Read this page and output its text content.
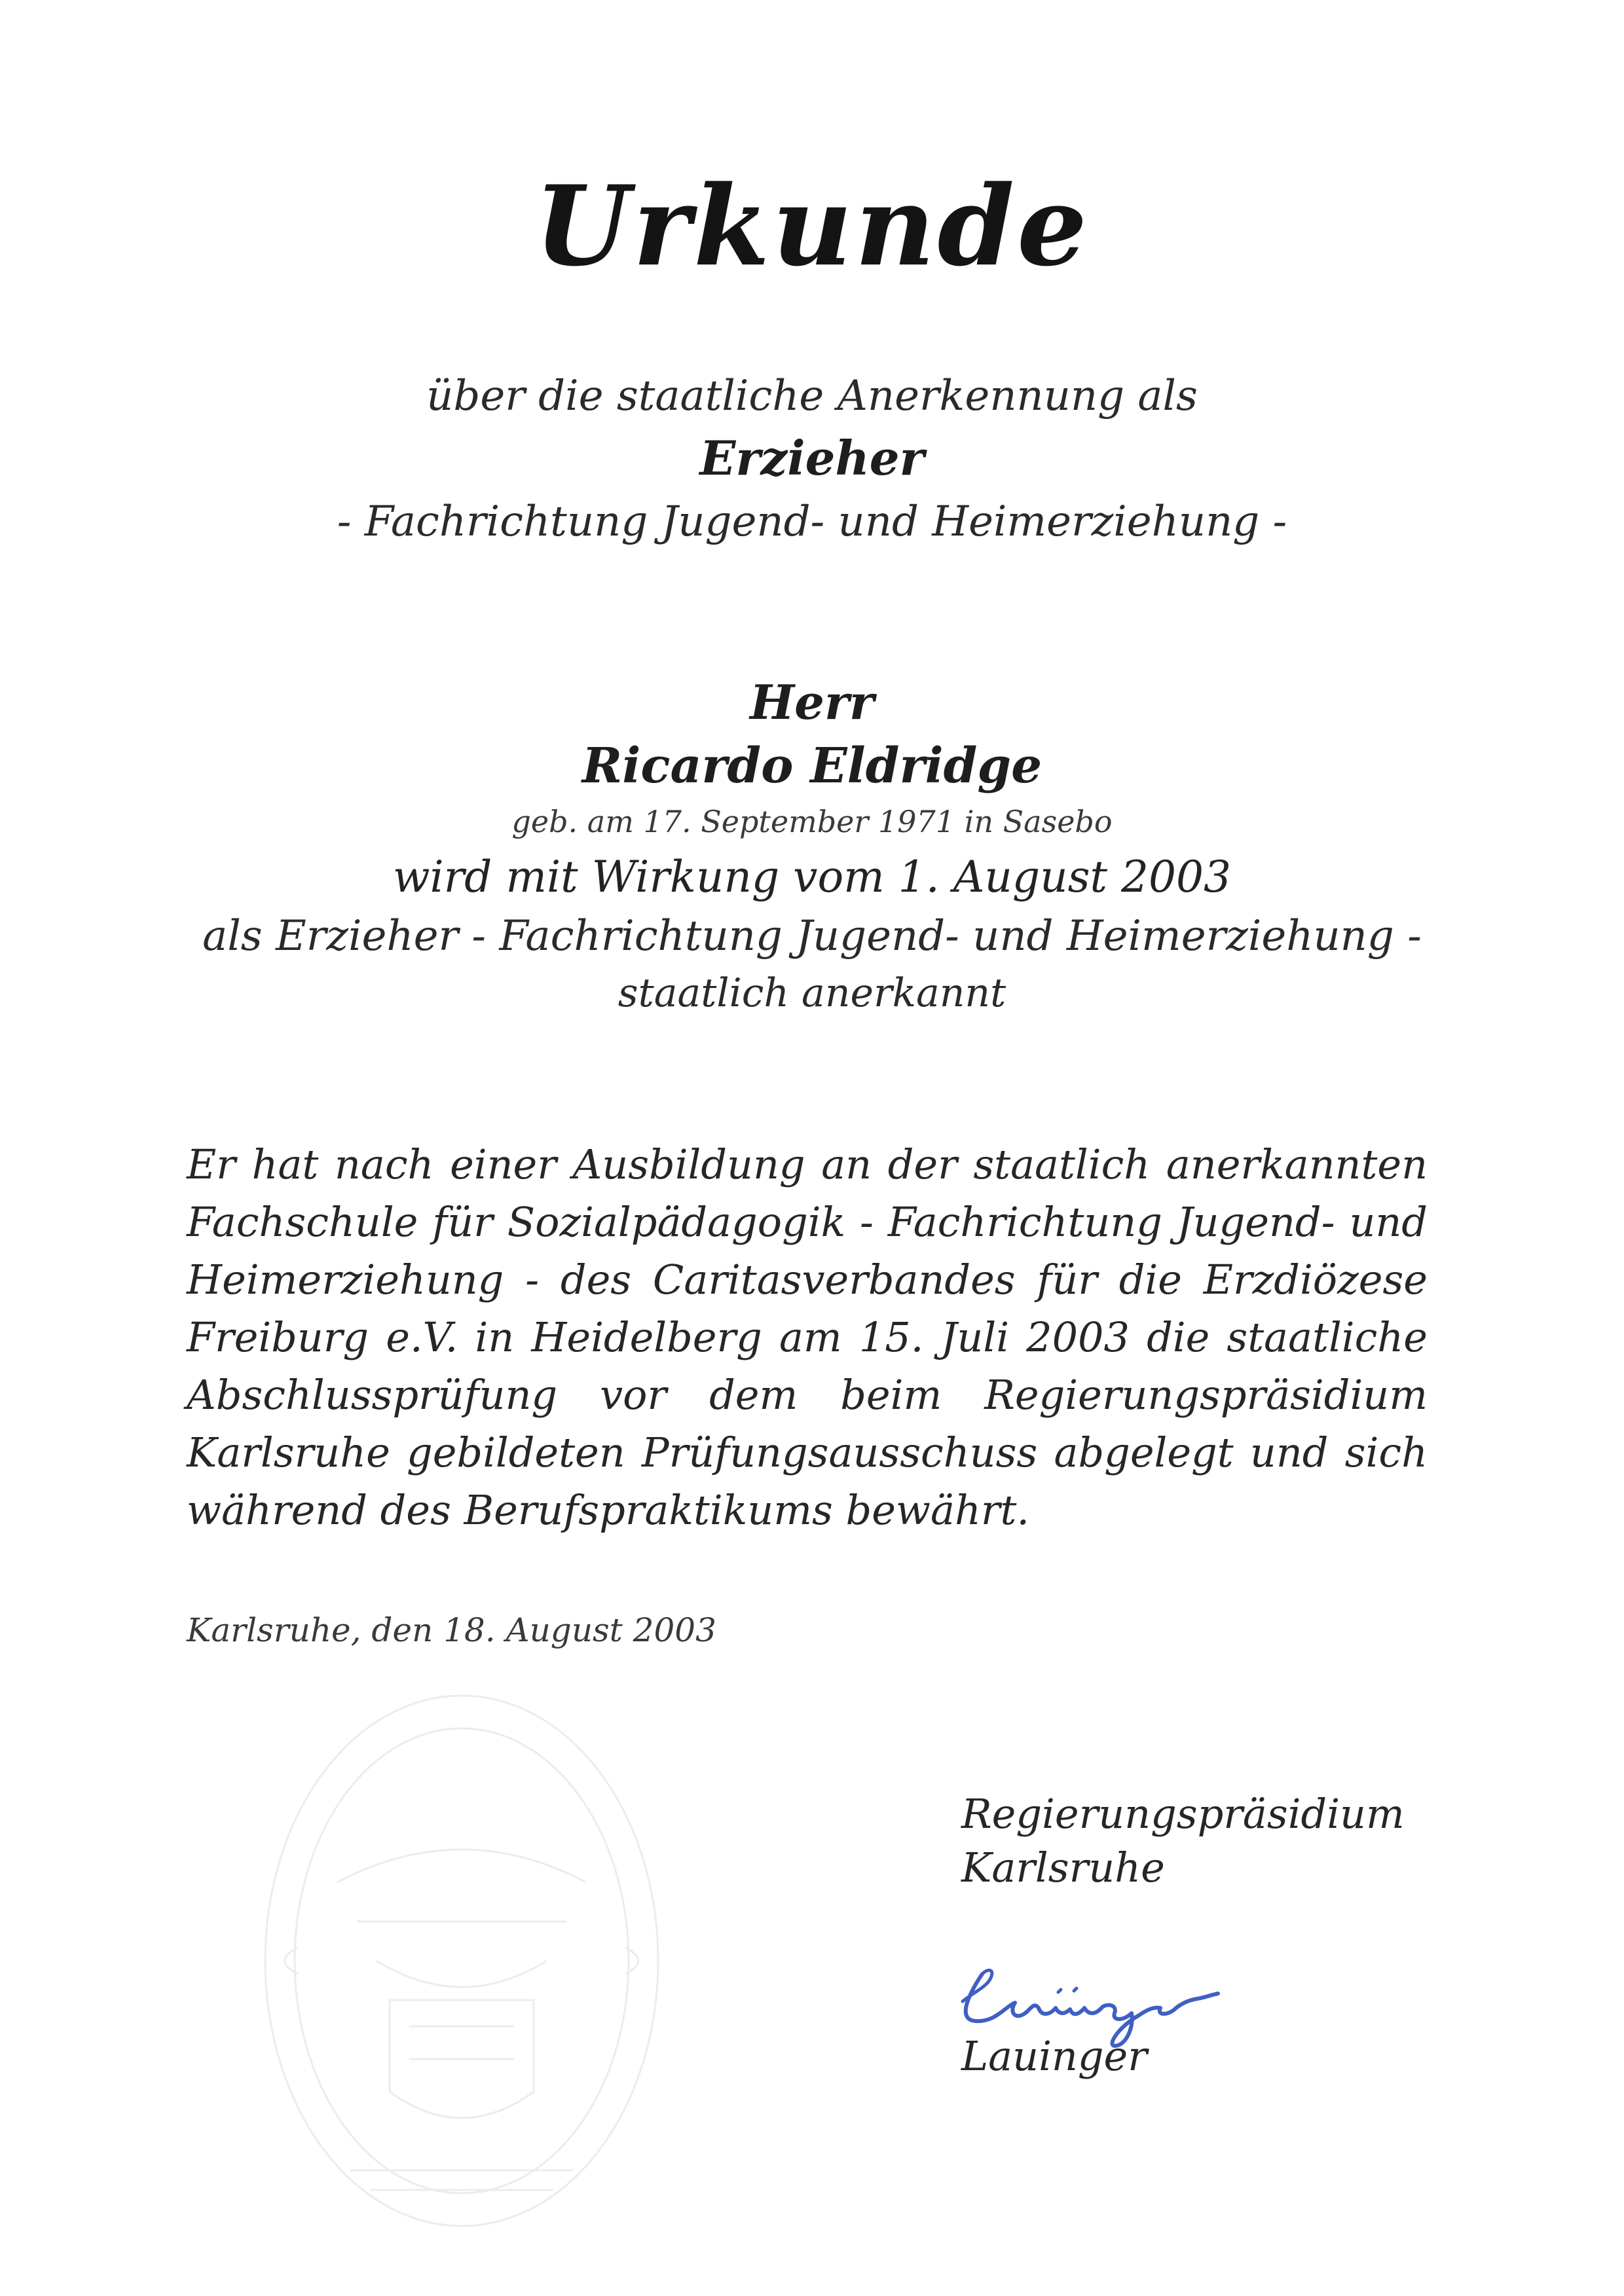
Urkunde
über die staatliche Anerkennung als
Erzieher
- Fachrichtung Jugend- und Heimerziehung -
Herr
Ricardo Eldridge
geb. am 17. September 1971 in Sasebo
wird mit Wirkung vom 1. August 2003
als Erzieher - Fachrichtung Jugend- und Heimerziehung -
staatlich anerkannt
Er hat nach einer Ausbildung an der staatlich anerkannten Fachschule für Sozialpädagogik - Fachrichtung Jugend- und Heimerziehung - des Caritasverbandes für die Erzdiözese Freiburg e.V. in Heidelberg am 15. Juli 2003 die staatliche Abschlussprüfung vor dem beim Regierungspräsidium Karlsruhe gebildeten Prüfungsausschuss abgelegt und sich während des Berufspraktikums bewährt.
Karlsruhe, den 18. August 2003
Regierungspräsidium
Karlsruhe
Lauinger
